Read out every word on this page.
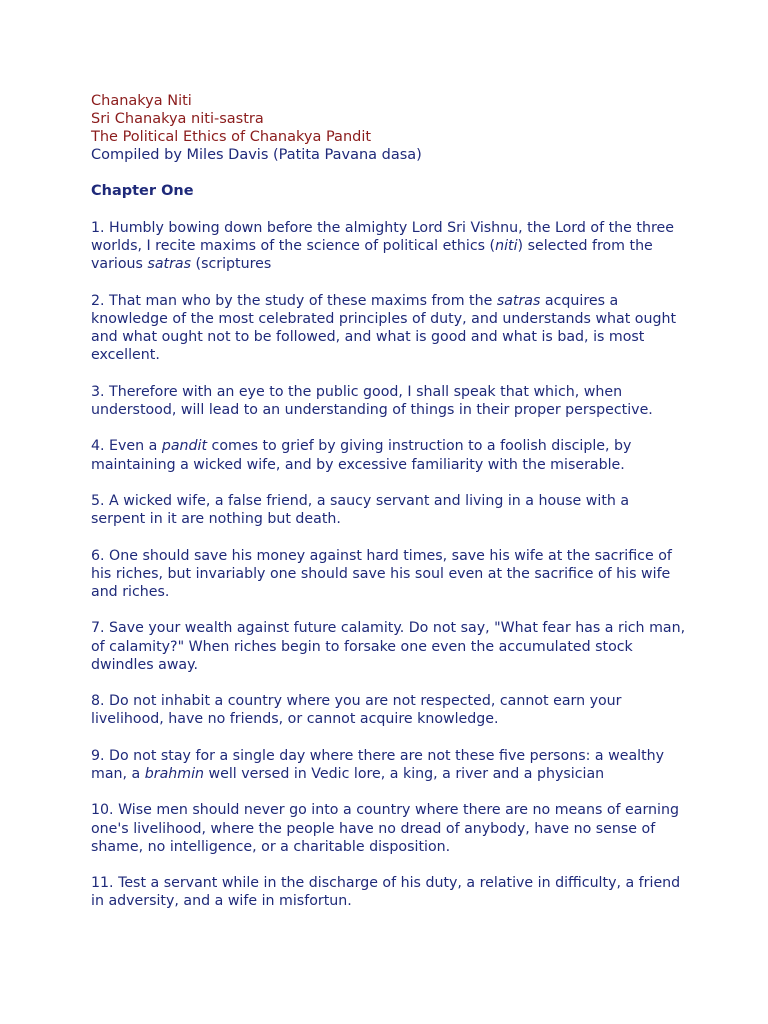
Chanakya Niti
Sri Chanakya niti-sastra
The Political Ethics of Chanakya Pandit
Compiled by Miles Davis (Patita Pavana dasa)
Chapter One
1. Humbly bowing down before the almighty Lord Sri Vishnu, the Lord of the three
worlds, I recite maxims of the science of political ethics (niti) selected from the
various satras (scriptures
2. That man who by the study of these maxims from the satras acquires a
knowledge of the most celebrated principles of duty, and understands what ought
and what ought not to be followed, and what is good and what is bad, is most
excellent.
3. Therefore with an eye to the public good, I shall speak that which, when
understood, will lead to an understanding of things in their proper perspective.
4. Even a pandit comes to grief by giving instruction to a foolish disciple, by
maintaining a wicked wife, and by excessive familiarity with the miserable.
5. A wicked wife, a false friend, a saucy servant and living in a house with a
serpent in it are nothing but death.
6. One should save his money against hard times, save his wife at the sacrifice of
his riches, but invariably one should save his soul even at the sacrifice of his wife
and riches.
7. Save your wealth against future calamity. Do not say, "What fear has a rich man,
of calamity?" When riches begin to forsake one even the accumulated stock
dwindles away.
8. Do not inhabit a country where you are not respected, cannot earn your
livelihood, have no friends, or cannot acquire knowledge.
9. Do not stay for a single day where there are not these five persons: a wealthy
man, a brahmin well versed in Vedic lore, a king, a river and a physician
10. Wise men should never go into a country where there are no means of earning
one's livelihood, where the people have no dread of anybody, have no sense of
shame, no intelligence, or a charitable disposition.
11. Test a servant while in the discharge of his duty, a relative in difficulty, a friend
in adversity, and a wife in misfortun.
